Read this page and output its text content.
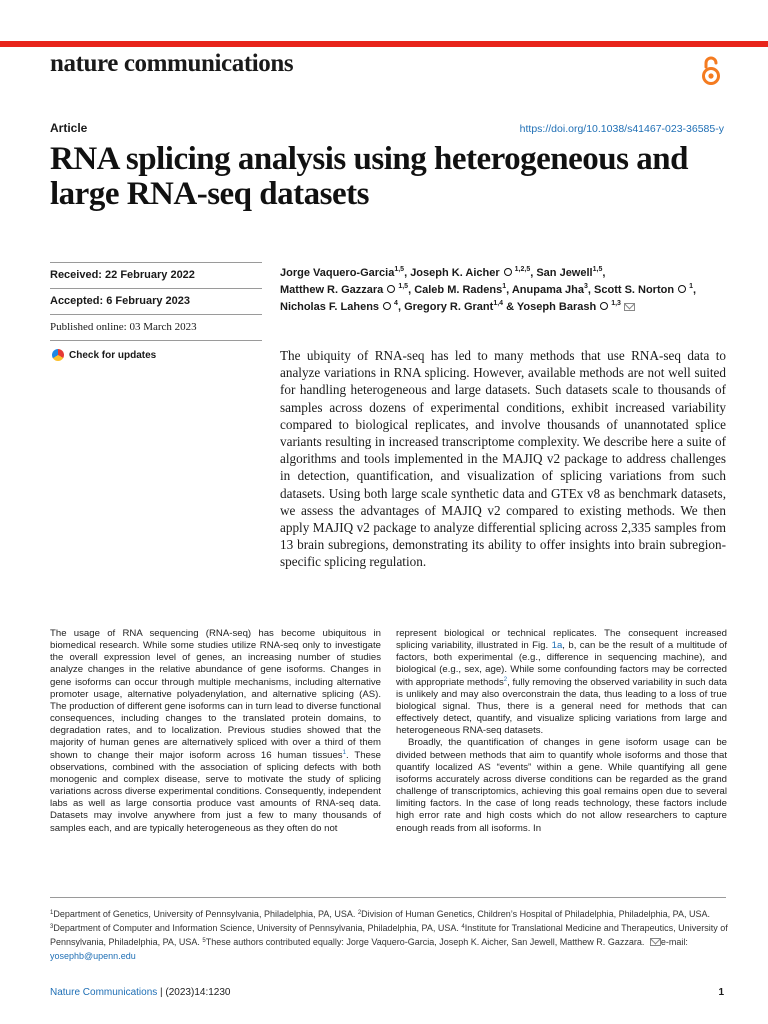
nature communications
Article	https://doi.org/10.1038/s41467-023-36585-y
RNA splicing analysis using heterogeneous and large RNA-seq datasets
Received: 22 February 2022
Accepted: 6 February 2023
Published online: 03 March 2023
Check for updates
Jorge Vaquero-Garcia$^{1,5}$, Joseph K. Aicher  $^{1,2,5}$, San Jewell$^{1,5}$,
Matthew R. Gazzara  $^{1,5}$, Caleb M. Radens$^1$, Anupama Jha$^3$, Scott S. Norton  $^1$,
Nicholas F. Lahens  $^4$, Gregory R. Grant$^{1,4}$ & Yoseph Barash  $^{1,3}$

The ubiquity of RNA-seq has led to many methods that use RNA-seq data to analyze variations in RNA splicing. However, available methods are not well suited for handling heterogeneous and large datasets. Such datasets scale to thousands of samples across dozens of experimental conditions, exhibit increased variability compared to biological replicates, and involve thousands of unannotated splice variants resulting in increased transcriptome complexity. We describe here a suite of algorithms and tools implemented in the MAJIQ v2 package to address challenges in detection, quantification, and visualization of splicing variations from such datasets. Using both large scale synthetic data and GTEx v8 as benchmark datasets, we assess the advantages of MAJIQ v2 compared to existing methods. We then apply MAJIQ v2 package to analyze differential splicing across 2,335 samples from 13 brain subregions, demonstrating its ability to offer insights into brain subregion-specific splicing regulation.

The usage of RNA sequencing (RNA-seq) has become ubiquitous in biomedical research. While some studies utilize RNA-seq only to investigate the overall expression level of genes, an increasing number of studies analyze changes in the relative abundance of gene isoforms. Changes in gene isoforms can occur through multiple mechanisms, including alternative promoter usage, alternative polyadenylation, and alternative splicing (AS). The production of different gene isoforms can in turn lead to diverse functional consequences, including changes to the translated protein domains, to degradation rates, and to localization. Previous studies showed that the majority of human genes are alternatively spliced with over a third of them shown to change their major isoform across 16 human tissues$^1$. These observations, combined with the association of splicing defects with both monogenic and complex disease, serve to motivate the study of splicing variations across diverse experimental conditions. Consequently, independent labs as well as large consortia produce vast amounts of RNA-seq data. Datasets may involve anywhere from just a few to many thousands of samples each, and are typically heterogeneous as they often do not

represent biological or technical replicates. The consequent increased splicing variability, illustrated in Fig. 1a, b, can be the result of a multitude of factors, both experimental (e.g., difference in sequencing machine), and biological (e.g., sex, age). While some confounding factors may be corrected with appropriate methods$^2$, fully removing the observed variability in such data is unlikely and may also overconstrain the data, thus leading to a loss of true biological signal. Thus, there is a general need for methods that can effectively detect, quantify, and visualize splicing variations from large and heterogeneous RNA-seq datasets.

Broadly, the quantification of changes in gene isoform usage can be divided between methods that aim to quantify whole isoforms and those that quantify localized AS “events” within a gene. While quantifying all gene isoforms accurately across diverse conditions can be regarded as the grand challenge of transcriptomics, achieving this goal remains open due to several limiting factors. In the case of long reads technology, these factors include high error rate and high costs which do not allow researchers to capture enough reads from all isoforms. In

$^1$Department of Genetics, University of Pennsylvania, Philadelphia, PA, USA. $^2$Division of Human Genetics, Children’s Hospital of Philadelphia, Philadelphia, PA, USA. $^3$Department of Computer and Information Science, University of Pennsylvania, Philadelphia, PA, USA. $^4$Institute for Translational Medicine and Therapeutics, University of Pennsylvania, Philadelphia, PA, USA. $^5$These authors contributed equally: Jorge Vaquero-Garcia, Joseph K. Aicher, San Jewell, Matthew R. Gazzara. e-mail: yosephb@upenn.edu
Nature Communications | (2023)14:1230	1
